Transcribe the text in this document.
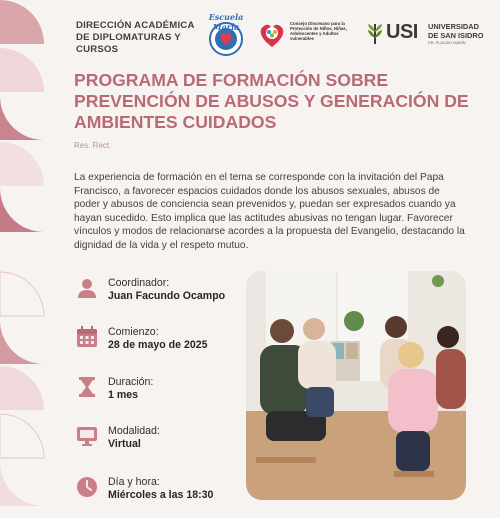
DIRECCIÓN ACADÉMICA DE DIPLOMATURAS Y CURSOS
Escuela María	Consejo Diocesano para la Protección de Niños, Niñas, Adolescentes y Adultos vulnerables	USI UNIVERSIDAD DE SAN ISIDRO
DR. PLACIDO MARÍN
PROGRAMA DE FORMACIÓN SOBRE PREVENCIÓN DE ABUSOS Y GENERACIÓN DE AMBIENTES CUIDADOS
Res. Rect.
La experiencia de formación en el tema se corresponde con la invitación del Papa Francisco, a favorecer espacios cuidados donde los abusos sexuales, abusos de poder y abusos de conciencia sean prevenidos y, puedan ser expresados cuando ya hayan sucedido. Esto implica que las actitudes abusivas no tengan lugar. Favorecer vínculos y modos de relacionarse acordes a la propuesta del Evangelio, destacando la dignidad de la vida y el respeto mutuo.
Coordinador:
Juan Facundo Ocampo
Comienzo:
28 de mayo de 2025
Duración:
1 mes
Modalidad:
Virtual
Día y hora:
Miércoles a las 18:30
